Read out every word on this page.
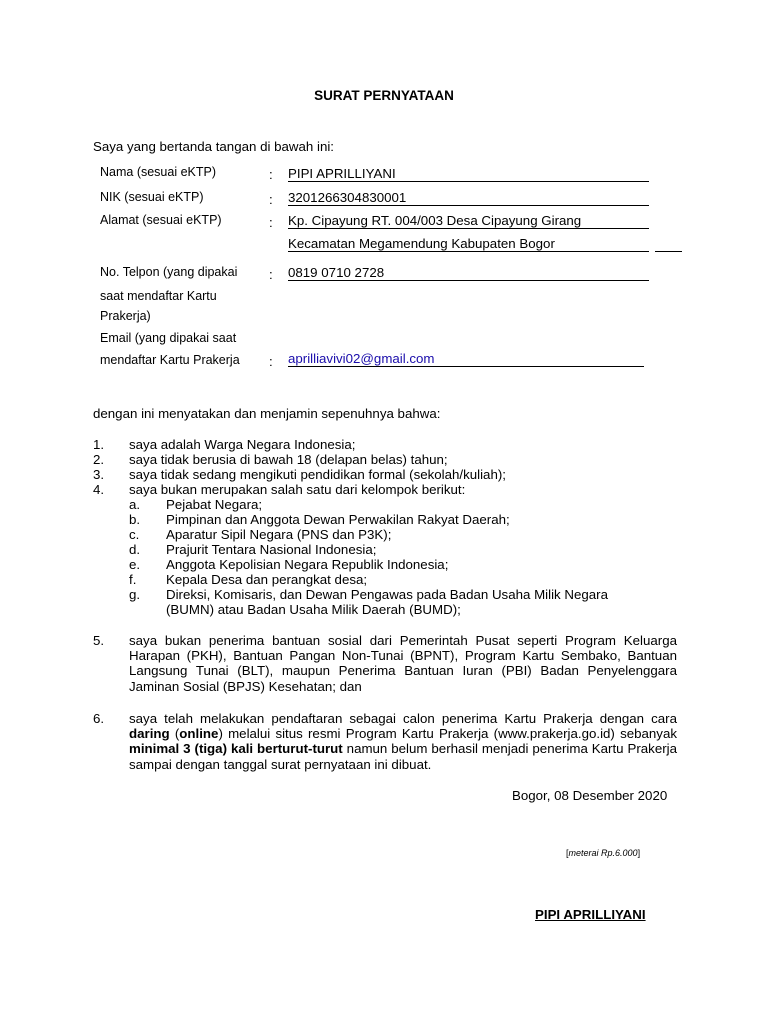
SURAT PERNYATAAN
Saya yang bertanda tangan di bawah ini:
Nama (sesuai eKTP)	: PIPI APRILLIYANI
NIK (sesuai eKTP)	: 3201266304830001
Alamat (sesuai eKTP)	: Kp. Cipayung RT. 004/003 Desa Cipayung Girang
Kecamatan Megamendung Kabupaten Bogor
No. Telpon (yang dipakai
saat mendaftar Kartu
Prakerja)
: 0819 0710 2728
Email (yang dipakai saat
mendaftar Kartu Prakerja : aprilliavivi02@gmail.com
dengan ini menyatakan dan menjamin sepenuhnya bahwa:
1. saya adalah Warga Negara Indonesia;
2. saya tidak berusia di bawah 18 (delapan belas) tahun;
3. saya tidak sedang mengikuti pendidikan formal (sekolah/kuliah);
4. saya bukan merupakan salah satu dari kelompok berikut:
a. Pejabat Negara;
b. Pimpinan dan Anggota Dewan Perwakilan Rakyat Daerah;
c. Aparatur Sipil Negara (PNS dan P3K);
d. Prajurit Tentara Nasional Indonesia;
e. Anggota Kepolisian Negara Republik Indonesia;
f. Kepala Desa dan perangkat desa;
g. Direksi, Komisaris, dan Dewan Pengawas pada Badan Usaha Milik Negara
(BUMN) atau Badan Usaha Milik Daerah (BUMD);
5. saya bukan penerima bantuan sosial dari Pemerintah Pusat seperti Program Keluarga Harapan (PKH), Bantuan Pangan Non-Tunai (BPNT), Program Kartu Sembako, Bantuan Langsung Tunai (BLT), maupun Penerima Bantuan Iuran (PBI) Badan Penyelenggara Jaminan Sosial (BPJS) Kesehatan; dan
6. saya telah melakukan pendaftaran sebagai calon penerima Kartu Prakerja dengan cara daring (online) melalui situs resmi Program Kartu Prakerja (www.prakerja.go.id) sebanyak minimal 3 (tiga) kali berturut-turut namun belum berhasil menjadi penerima Kartu Prakerja sampai dengan tanggal surat pernyataan ini dibuat.
Bogor, 08 Desember 2020
[meterai Rp.6.000]
PIPI APRILLIYANI
